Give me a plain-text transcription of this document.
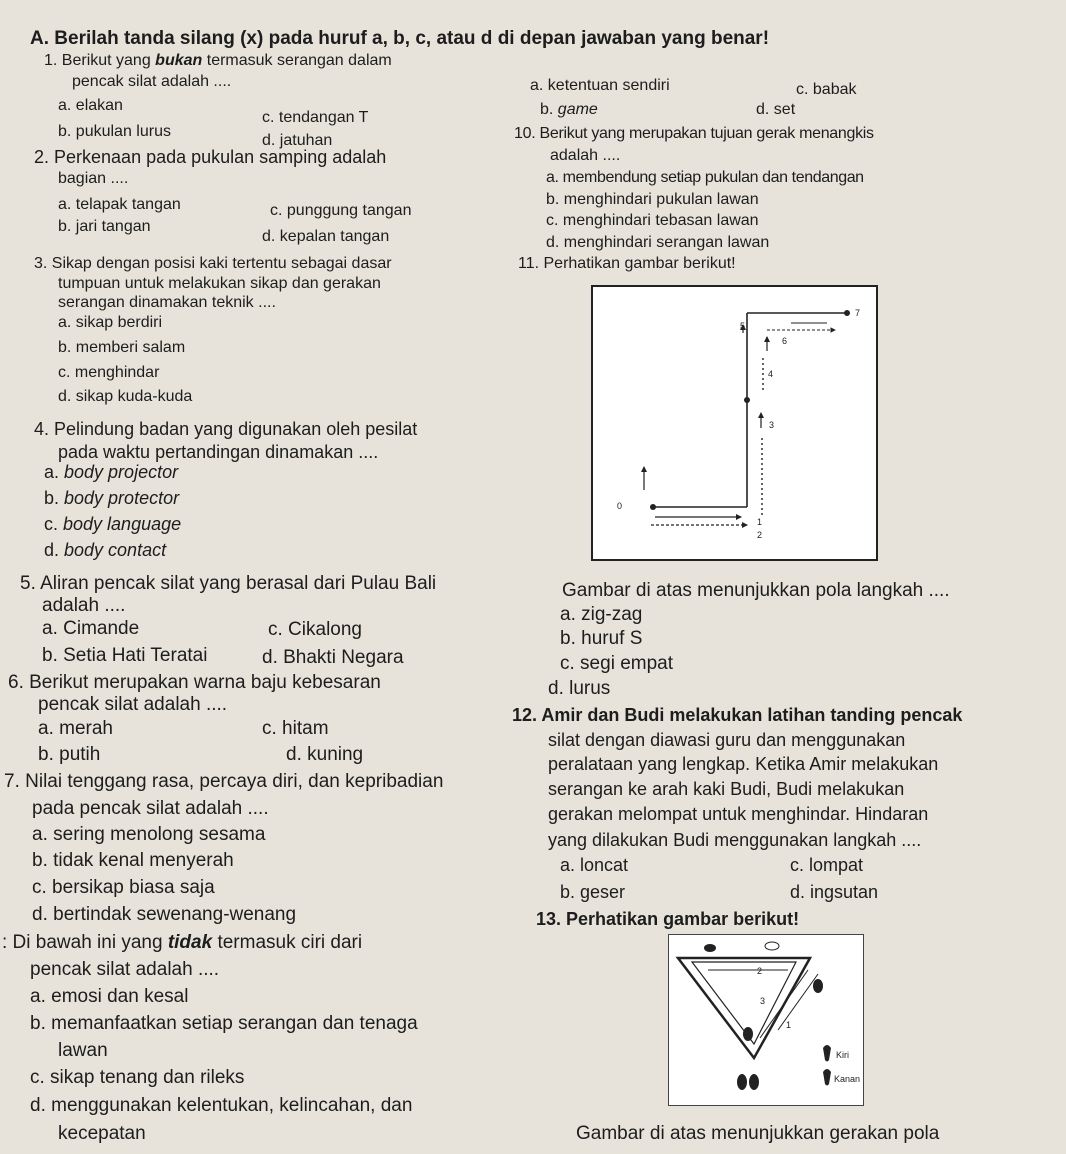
A. Berilah tanda silang (x) pada huruf a, b, c, atau d di depan jawaban yang benar!
1. Berikut yang bukan termasuk serangan dalam
pencak silat adalah ....
a. elakan
c. tendangan T
b. pukulan lurus
d. jatuhan
2. Perkenaan pada pukulan samping adalah
bagian ....
a. telapak tangan	c. punggung tangan
b. jari tangan
d. kepalan tangan
3. Sikap dengan posisi kaki tertentu sebagai dasar
tumpuan untuk melakukan sikap dan gerakan
serangan dinamakan teknik ....
a. sikap berdiri
b. memberi salam
c. menghindar
d. sikap kuda-kuda
4. Pelindung badan yang digunakan oleh pesilat
pada waktu pertandingan dinamakan ....
a. body projector
b. body protector
c. body language
d. body contact
5. Aliran pencak silat yang berasal dari Pulau Bali
adalah ....
a. Cimande	c. Cikalong
b. Setia Hati Teratai	d. Bhakti Negara
6. Berikut merupakan warna baju kebesaran
pencak silat adalah ....
a. merah	c. hitam
b. putih	d. kuning
7. Nilai tenggang rasa, percaya diri, dan kepribadian
pada pencak silat adalah ....
a. sering menolong sesama
b. tidak kenal menyerah
c. bersikap biasa saja
d. bertindak sewenang-wenang
: Di bawah ini yang tidak termasuk ciri dari
pencak silat adalah ....
a. emosi dan kesal
b. memanfaatkan setiap serangan dan tenaga
lawan
c. sikap tenang dan rileks
d. menggunakan kelentukan, kelincahan, dan
kecepatan
a. ketentuan sendiri	c. babak
b. game	d. set
10. Berikut yang merupakan tujuan gerak menangkis
adalah ....
a. membendung setiap pukulan dan tendangan
b. menghindari pukulan lawan
c. menghindari tebasan lawan
d. menghindari serangan lawan
11. Perhatikan gambar berikut!
0
1
2
3
4
5
6
7
Gambar di atas menunjukkan pola langkah ....
a. zig-zag
b. huruf S
c. segi empat
d. lurus
12. Amir dan Budi melakukan latihan tanding pencak
silat dengan diawasi guru dan menggunakan
peralataan yang lengkap. Ketika Amir melakukan
serangan ke arah kaki Budi, Budi melakukan
gerakan melompat untuk menghindar. Hindaran
yang dilakukan Budi menggunakan langkah ....
a. loncat	c. lompat
b. geser	d. ingsutan
13. Perhatikan gambar berikut!
2
3
1
Kiri
Kanan
Gambar di atas menunjukkan gerakan pola
